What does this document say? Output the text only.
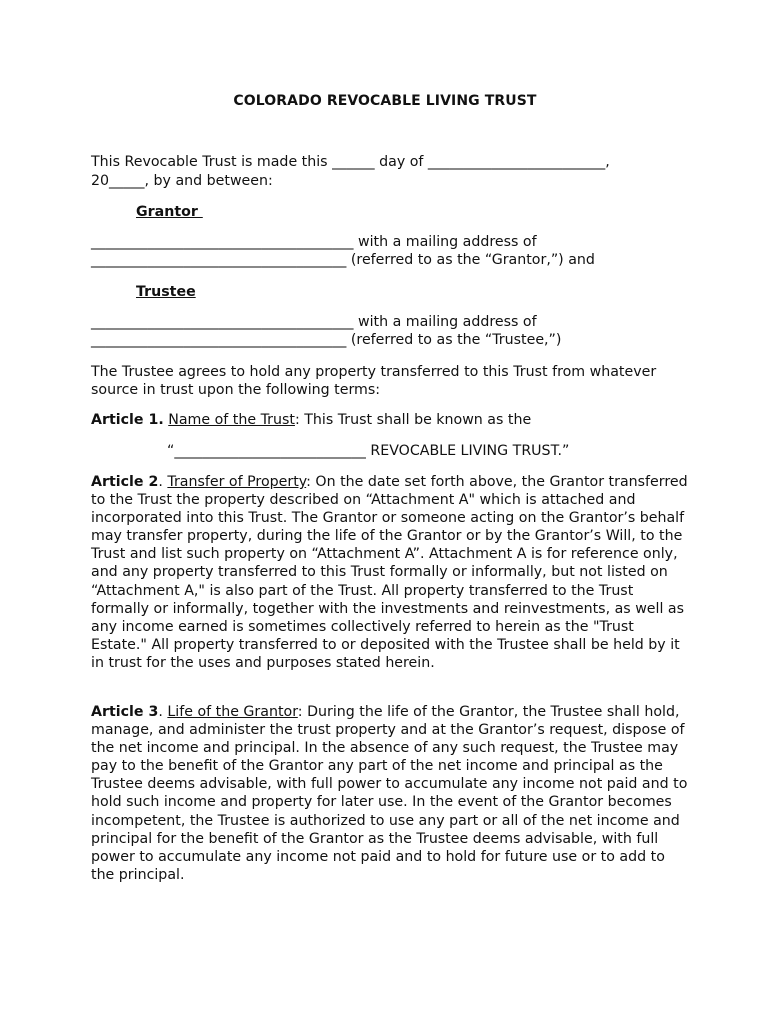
COLORADO REVOCABLE LIVING TRUST
This Revocable Trust is made this ______ day of _________________________,
20_____, by and between:
Grantor
_____________________________________ with a mailing address of
____________________________________ (referred to as the “Grantor,”) and
Trustee
_____________________________________ with a mailing address of
____________________________________ (referred to as the “Trustee,”)
The Trustee agrees to hold any property transferred to this Trust from whatever source in trust upon the following terms:
Article 1. Name of the Trust: This Trust shall be known as the
“___________________________ REVOCABLE LIVING TRUST.”
Article 2. Transfer of Property: On the date set forth above, the Grantor transferred to the Trust the property described on “Attachment A" which is attached and incorporated into this Trust. The Grantor or someone acting on the Grantor’s behalf may transfer property, during the life of the Grantor or by the Grantor’s Will, to the Trust and list such property on “Attachment A”. Attachment A is for reference only, and any property transferred to this Trust formally or informally, but not listed on “Attachment A," is also part of the Trust. All property transferred to the Trust formally or informally, together with the investments and reinvestments, as well as any income earned is sometimes collectively referred to herein as the "Trust Estate." All property transferred to or deposited with the Trustee shall be held by it in trust for the uses and purposes stated herein.
Article 3. Life of the Grantor: During the life of the Grantor, the Trustee shall hold, manage, and administer the trust property and at the Grantor’s request, dispose of the net income and principal. In the absence of any such request, the Trustee may pay to the benefit of the Grantor any part of the net income and principal as the Trustee deems advisable, with full power to accumulate any income not paid and to hold such income and property for later use. In the event of the Grantor becomes incompetent, the Trustee is authorized to use any part or all of the net income and principal for the benefit of the Grantor as the Trustee deems advisable, with full power to accumulate any income not paid and to hold for future use or to add to the principal.
